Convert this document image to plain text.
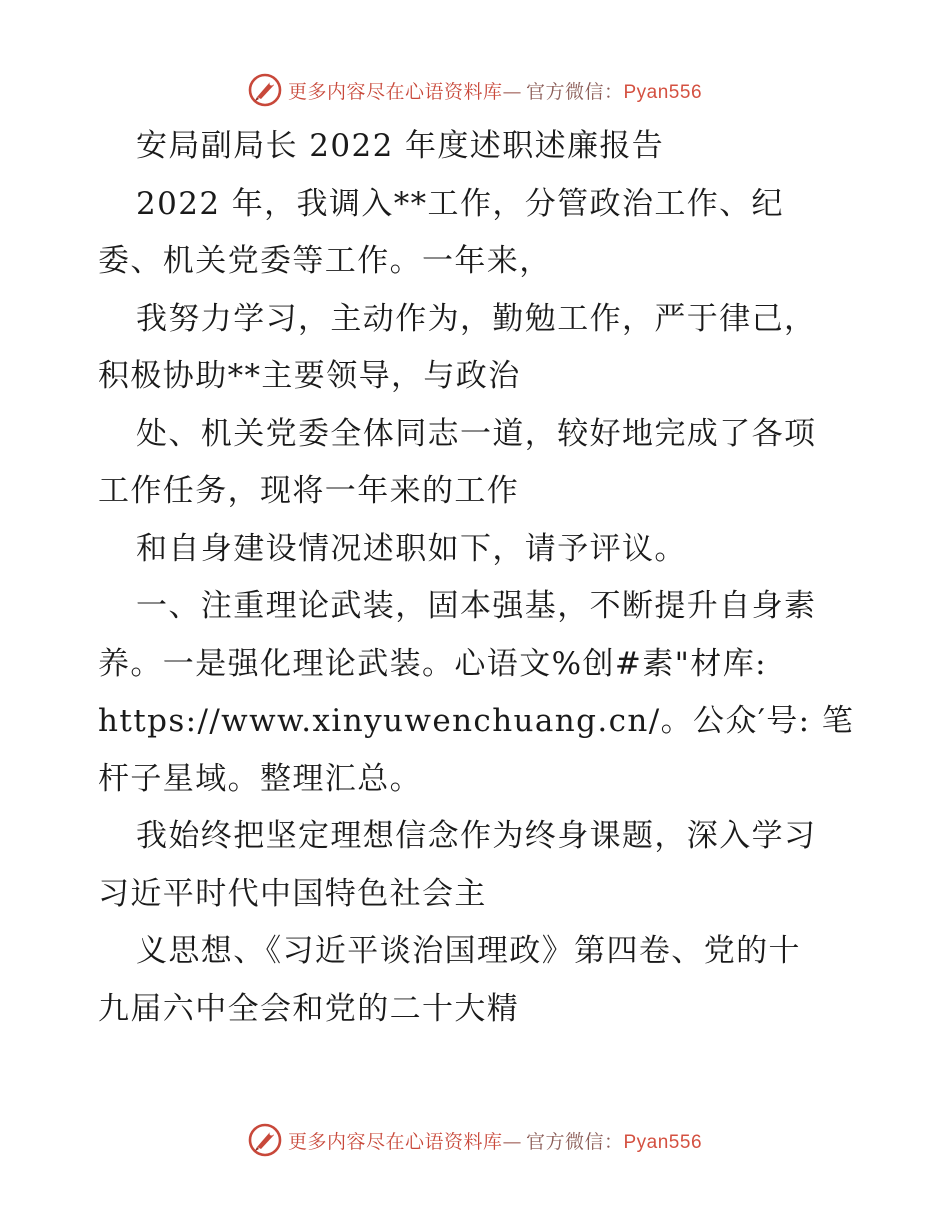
更多内容尽在心语资料库— 官方微信：Pyan556
安局副局长 2022 年度述职述廉报告
2022 年，我调入**工作，分管政治工作、纪
委、机关党委等工作。一年来，
我努力学习，主动作为，勤勉工作，严于律己，
积极协助**主要领导，与政治
处、机关党委全体同志一道，较好地完成了各项
工作任务，现将一年来的工作
和自身建设情况述职如下，请予评议。
一、注重理论武装，固本强基，不断提升自身素
养。一是强化理论武装。心语文%创#素"材库:
https://www.xinyuwenchuang.cn/。公众′号: 笔
杆子星域。整理汇总。
我始终把坚定理想信念作为终身课题，深入学习
习近平时代中国特色社会主
义思想、《习近平谈治国理政》第四卷、党的十
九届六中全会和党的二十大精
更多内容尽在心语资料库— 官方微信：Pyan556
